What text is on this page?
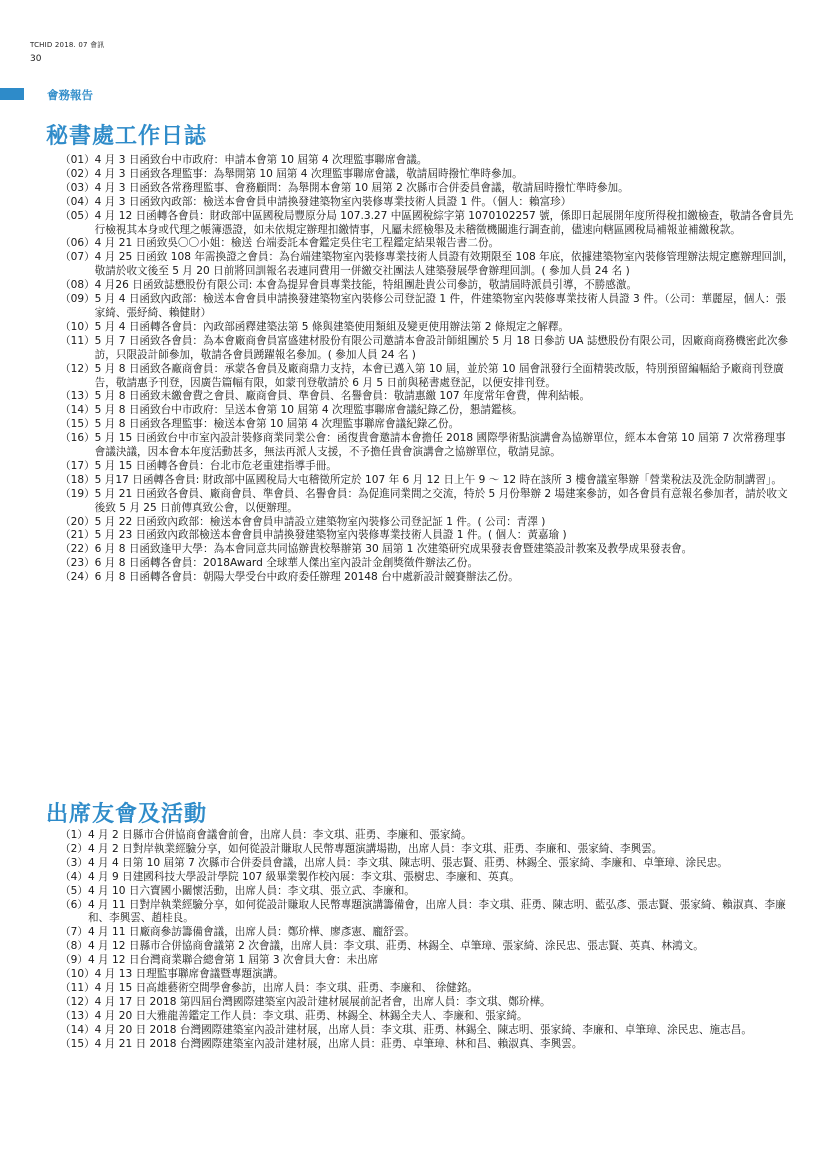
TCHID 2018. 07 會訊
30
會務報告
秘書處工作日誌
（01） 4 月 3 日函致台中市政府：申請本會第 10 屆第 4 次理監事聯席會議。
（02） 4 月 3 日函致各理監事：為舉開第 10 屆第 4 次理監事聯席會議，敬請屆時撥忙準時參加。
（03） 4 月 3 日函致各常務理監事、會務顧問：為舉開本會第 10 屆第 2 次縣市合併委員會議，敬請屆時撥忙準時參加。
（04） 4 月 3 日函致內政部：檢送本會會員申請換發建築物室內裝修專業技術人員證 1 件。（個人：賴富珍）
（05） 4 月 12 日函轉各會員：財政部中區國稅局豐原分局 107.3.27 中區國稅綜字第 1070102257 號，係即日起展開年度所得稅扣繳檢查，敬請各會員先行檢視其本身或代理之帳簿憑證，如未依規定辦理扣繳情事，凡屬未經檢舉及未稽徵機關進行調查前，儘速向轄區國稅局補報並補繳稅款。
（06） 4 月 21 日函致吳〇〇小姐：檢送 台端委託本會鑑定吳住宅工程鑑定結果報告書二份。
（07） 4 月 25 日函致 108 年需換證之會員：為台端建築物室內裝修專業技術人員證有效期限至 108 年底，依據建築物室內裝修管理辦法規定應辦理回訓，敬請於收文後至 5 月 20 日前將回訓報名表連同費用一併繳交社團法人建築發展學會辦理回訓。( 參加人員 24 名 )
（08） 4 月26 日函致誌懋股份有限公司: 本會為提昇會員專業技能，特組團赴貴公司參訪，敬請屆時派員引導，不勝感激。
（09） 5 月 4 日函致內政部：檢送本會會員申請換發建築物室內裝修公司登記證 1 件，件建築物室內裝修專業技術人員證 3 件。（公司：華麗屋，個人：張家綺、張紓綺、賴健財）
（10） 5 月 4 日函轉各會員：內政部函釋建築法第 5 條與建築使用類組及變更使用辦法第 2 條規定之解釋。
（11） 5 月 7 日函致各會員：為本會廠商會員富盛建材股份有限公司邀請本會設計師組團於 5 月 18 日參訪 UA 誌懋股份有限公司，因廠商商務機密此次參訪，只限設計師參加，敬請各會員踴躍報名參加。( 參加人員 24 名 )
（12） 5 月 8 日函致各廠商會員：承蒙各會員及廠商鼎力支持，本會已邁入第 10 屆，並於第 10 屆會訊發行全面精裝改版，特別預留編幅給予廠商刊登廣告，敬請惠予刊登，因廣告篇幅有限，如蒙刊登敬請於 6 月 5 日前與秘書處登記，以便安排刊登。
（13） 5 月 8 日函致未繳會費之會員、廠商會員、準會員、名譽會員：敬請惠繳 107 年度常年會費，俾利結帳。
（14） 5 月 8 日函致台中市政府：呈送本會第 10 屆第 4 次理監事聯席會議紀錄乙份，懇請鑑核。
（15） 5 月 8 日函致各理監事：檢送本會第 10 屆第 4 次理監事聯席會議紀錄乙份。
（16） 5 月 15 日函致台中市室內設計裝修商業同業公會：函復貴會邀請本會擔任 2018 國際學術點演講會為協辦單位，經本本會第 10 屆第 7 次常務理事會議決議，因本會本年度活動甚多，無法再派人支援，不予擔任貴會演講會之協辦單位，敬請見諒。
（17） 5 月 15 日函轉各會員：台北市危老重建指導手冊。
（18） 5 月17 日函轉各會員: 財政部中區國稅局大屯稽徵所定於 107 年 6 月 12 日上午 9 ～ 12 時在該所 3 樓會議室舉辦「營業稅法及洗金防制講習」。
（19） 5 月 21 日函致各會員、廠商會員、準會員、名譽會員：為促進同業間之交流，特於 5 月份舉辦 2 場建案參訪，如各會員有意報名參加者，請於收文後致 5 月 25 日前傳真致公會，以便辦理。
（20） 5 月 22 日函致內政部：檢送本會會員申請設立建築物室內裝修公司登記証 1 件。( 公司：青澤 )
（21） 5 月 23 日函致內政部檢送本會會員申請換發建築物室內裝修專業技術人員證 1 件。( 個人：黃嘉瑜 )
（22） 6 月 8 日函致逢甲大學：為本會同意共同協辦貴校舉辦第 30 屆第 1 次建築研究成果發表會暨建築設計教案及教學成果發表會。
（23） 6 月 8 日函轉各會員：2018Award 全球華人傑出室內設計金創獎徵件辦法乙份。
（24） 6 月 8 日函轉各會員：朝陽大學受台中政府委任辦理 20148 台中處新設計競賽辦法乙份。
出席友會及活動
（1） 4 月 2 日縣市合併協商會議會前會，出席人員：李文琪、莊勇、李廉和、張家綺。
（2） 4 月 2 日對岸執業經驗分享，如何從設計賺取人民幣專題演講場勘，出席人員：李文琪、莊勇、李廉和、張家綺、李興雲。
（3） 4 月 4 日第 10 屆第 7 次縣市合併委員會議，出席人員：李文琪、陳志明、張志賢、莊勇、林錫全、張家綺、李廉和、卓筆璋、涂民忠。
（4） 4 月 9 日建國科技大學設計學院 107 級畢業製作校內展：李文琪、張樹忠、李廉和、英真。
（5） 4 月 10 日六寶國小關懷活動，出席人員：李文琪、張立武、李廉和。
（6） 4 月 11 日對岸執業經驗分享，如何從設計賺取人民幣專題演講籌備會，出席人員：李文琪、莊勇、陳志明、藍弘彥、張志賢、張家綺、賴淑真、李廉和、李興雲、趙桂良。
（7） 4 月 11 日廠商參訪籌備會議，出席人員：鄭玠樺、廖彥憲、龐舒雲。
（8） 4 月 12 日縣市合併協商會議第 2 次會議，出席人員：李文琪、莊勇、林錫全、卓筆璋、張家綺、涂民忠、張志賢、英真、林鴻文。
（9） 4 月 12 日台灣商業聯合總會第 1 屆第 3 次會員大會：未出席
（10） 4 月 13 日理監事聯席會議暨專題演講。
（11） 4 月 15 日高雄藝術空間學會參訪，出席人員：李文琪、莊勇、李廉和、 徐健銘。
（12） 4 月 17 日 2018 第四屆台灣國際建築室內設計建材展展前記者會，出席人員：李文琪、鄭玠樺。
（13） 4 月 20 日大雅龍善鑑定工作人員：李文琪、莊勇、林錫全、林錫全夫人、李廉和、張家綺。
（14） 4 月 20 日 2018 台灣國際建築室內設計建材展，出席人員：李文琪、莊勇、林錫全、陳志明、張家綺、李廉和、卓筆璋、涂民忠、施志昌。
（15） 4 月 21 日 2018 台灣國際建築室內設計建材展，出席人員：莊勇、卓筆璋、林和昌、賴淑真、李興雲。
